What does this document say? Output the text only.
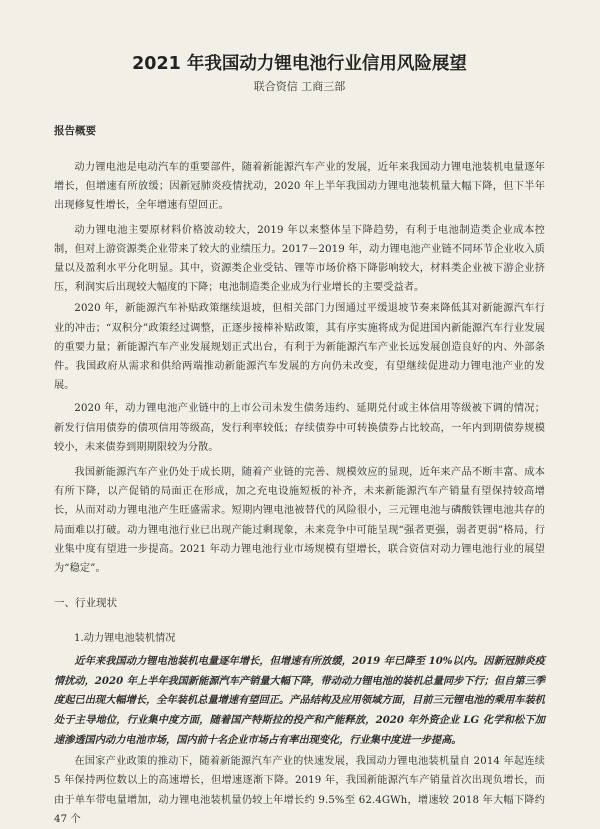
2021 年我国动力锂电池行业信用风险展望
联合资信 工商三部
报告概要

动力锂电池是电动汽车的重要部件，随着新能源汽车产业的发展，近年来我国动力锂电池装机电量逐年增长，但增速有所放缓；因新冠肺炎疫情扰动，2020 年上半年我国动力锂电池装机量大幅下降，但下半年出现修复性增长，全年增速有望回正。

动力锂电池主要原材料价格波动较大，2019 年以来整体呈下降趋势，有利于电池制造类企业成本控制，但对上游资源类企业带来了较大的业绩压力。2017－2019 年，动力锂电池产业链不同环节企业收入质量以及盈利水平分化明显。其中，资源类企业受钴、锂等市场价格下降影响较大，材料类企业被下游企业挤压，利润实后出现较大幅度的下降；电池制造类企业成为行业增长的主要受益者。

2020 年，新能源汽车补贴政策继续退坡，但相关部门力图通过平缓退坡节奏来降低其对新能源汽车行业的冲击；“双积分”政策经过调整，正逐步接棒补贴政策，其有序实施将成为促进国内新能源汽车行业发展的重要力量；新能源汽车产业发展规划正式出台，有利于为新能源汽车产业长远发展创造良好的内、外部条件。我国政府从需求和供给两端推动新能源汽车发展的方向仍未改变，有望继续促进动力锂电池产业的发展。

2020 年，动力锂电池产业链中的上市公司未发生债务违约、延期兑付或主体信用等级被下调的情况；新发行信用债券的债项信用等级高，发行利率较低；存续债券中可转换债券占比较高，一年内到期债券规模较小，未来债券到期期限较为分散。

我国新能源汽车产业仍处于成长期，随着产业链的完善、规模效应的显现，近年来产品不断丰富、成本有所下降，以产促销的局面正在形成，加之充电设施短板的补齐，未来新能源汽车产销量有望保持较高增长，从而对动力锂电池产生旺盛需求。短期内锂电池被替代的风险很小，三元锂电池与磷酸铁锂电池共存的局面难以打破。动力锂电池行业已出现产能过剩现象，未来竞争中可能呈现“强者更强，弱者更弱”格局，行业集中度有望进一步提高。2021 年动力锂电池行业市场规模有望增长，联合资信对动力锂电池行业的展望为“稳定”。

一、行业现状
1.动力锂电池装机情况

近年来我国动力锂电池装机电量逐年增长，但增速有所放缓，2019 年已降至 10%以内。因新冠肺炎疫情扰动，2020 年上半年我国新能源汽车产销量大幅下降，带动动力锂电池的装机总量同步下行；但自第三季度起已出现大幅增长，全年装机总量增速有望回正。产品结构及应用领域方面，目前三元锂电池的乘用车装机处于主导地位，行业集中度方面，随着国产特斯拉的投产和产能释放，2020 年外资企业 LG 化学和松下加速渗透国内动力电池市场，国内前十名企业市场占有率出现变化，行业集中度进一步提高。

在国家产业政策的推动下，随着新能源汽车产业的快速发展，我国动力锂电池装机量自 2014 年起连续 5 年保持两位数以上的高速增长，但增速逐渐下降。2019 年，我国新能源汽车产销量首次出现负增长，而由于单车带电量增加，动力锂电池装机量仍较上年增长约 9.5%至 62.4GWh，增速较 2018 年大幅下降约 47 个
